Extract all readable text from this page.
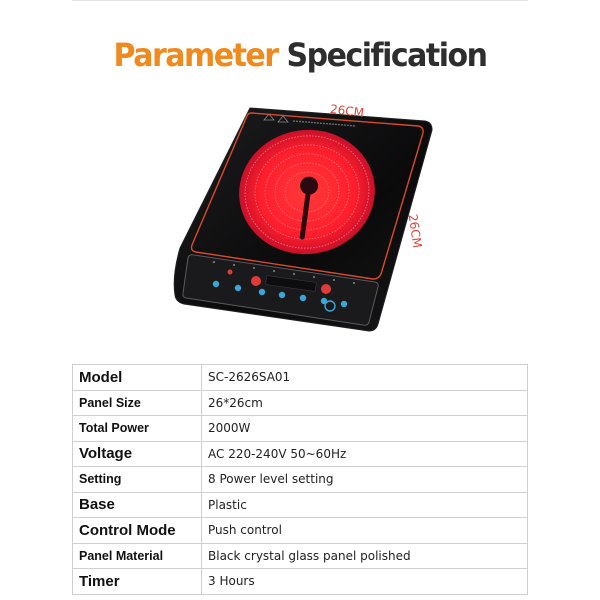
Parameter Specification
·
26CM
26CM
Model	SC-2626SA01
Panel Size	26*26cm
Total Power	2000W
Voltage	AC 220-240V 50~60Hz
Setting	8 Power level setting
Base	Plastic
Control Mode	Push control
Panel Material	Black crystal glass panel polished
Timer	3 Hours
